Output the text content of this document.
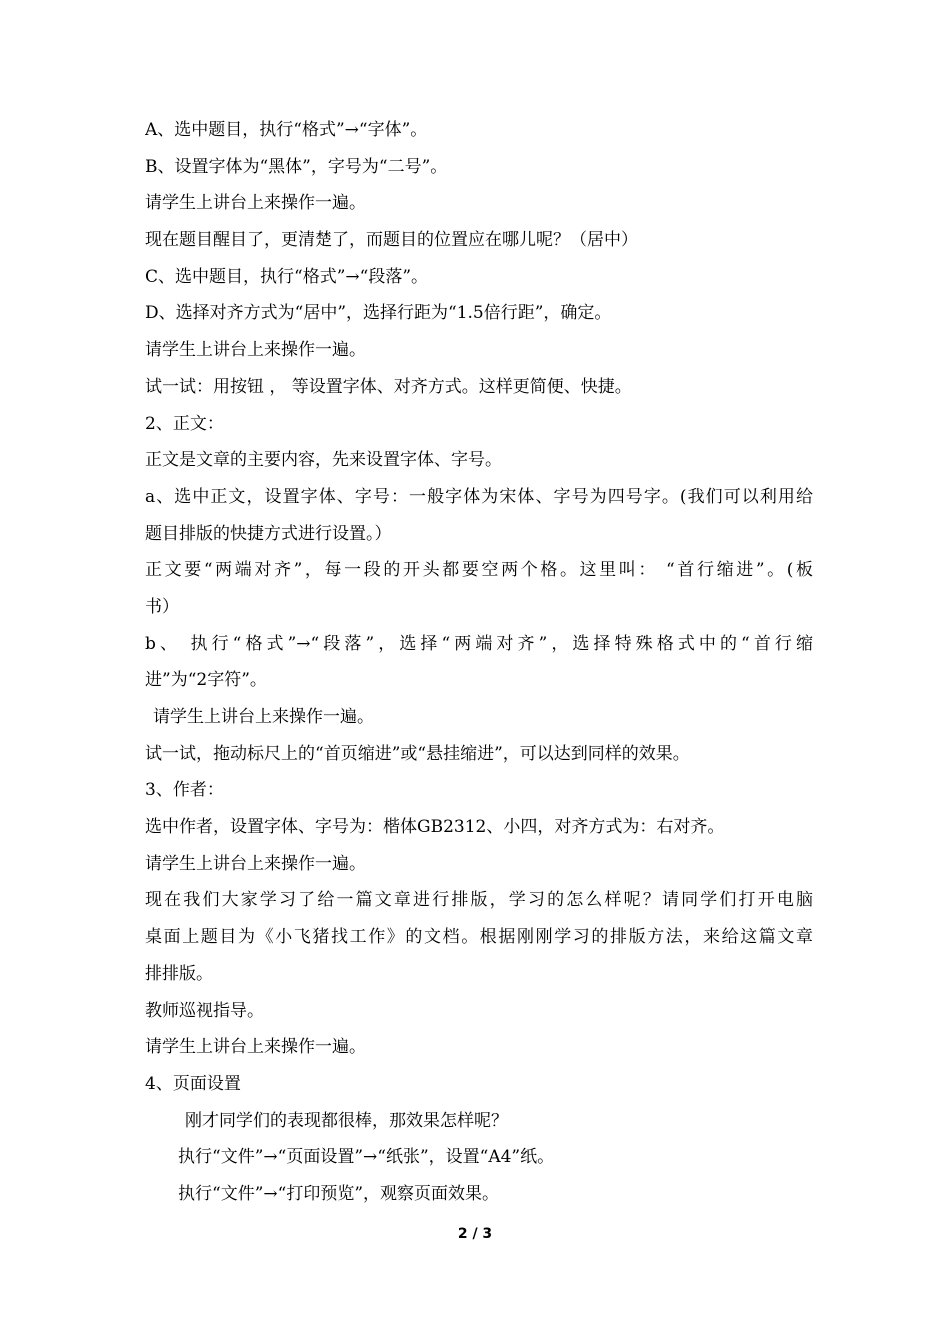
A、选中题目，执行“格式”→“字体”。
B、设置字体为“黑体”，字号为“二号”。
请学生上讲台上来操作一遍。
现在题目醒目了，更清楚了，而题目的位置应在哪儿呢？（居中）
C、选中题目，执行“格式”→“段落”。
D、选择对齐方式为“居中”，选择行距为“1.5倍行距”，确定。
请学生上讲台上来操作一遍。
试一试：用按钮 ， 等设置字体、对齐方式。这样更简便、快捷。
2、正文：
正文是文章的主要内容，先来设置字体、字号。
a、选中正文，设置字体、字号：一般字体为宋体、字号为四号字。(我们可以利用给
题目排版的快捷方式进行设置。）
正文要“两端对齐”，每一段的开头都要空两个格。这里叫： “首行缩进”。(板
书）
b、 执行“格式”→“段落”，选择“两端对齐”，选择特殊格式中的“首行缩
进”为“2字符”。
请学生上讲台上来操作一遍。
试一试，拖动标尺上的“首页缩进”或“悬挂缩进”，可以达到同样的效果。
3、作者：
选中作者，设置字体、字号为：楷体GB2312、小四，对齐方式为：右对齐。
请学生上讲台上来操作一遍。
现在我们大家学习了给一篇文章进行排版，学习的怎么样呢？请同学们打开电脑
桌面上题目为《小飞猪找工作》的文档。根据刚刚学习的排版方法，来给这篇文章
排排版。
教师巡视指导。
请学生上讲台上来操作一遍。
4、页面设置
刚才同学们的表现都很棒，那效果怎样呢？
执行“文件”→“页面设置”→“纸张”，设置“A4”纸。
执行“文件”→“打印预览”，观察页面效果。
2 / 3
